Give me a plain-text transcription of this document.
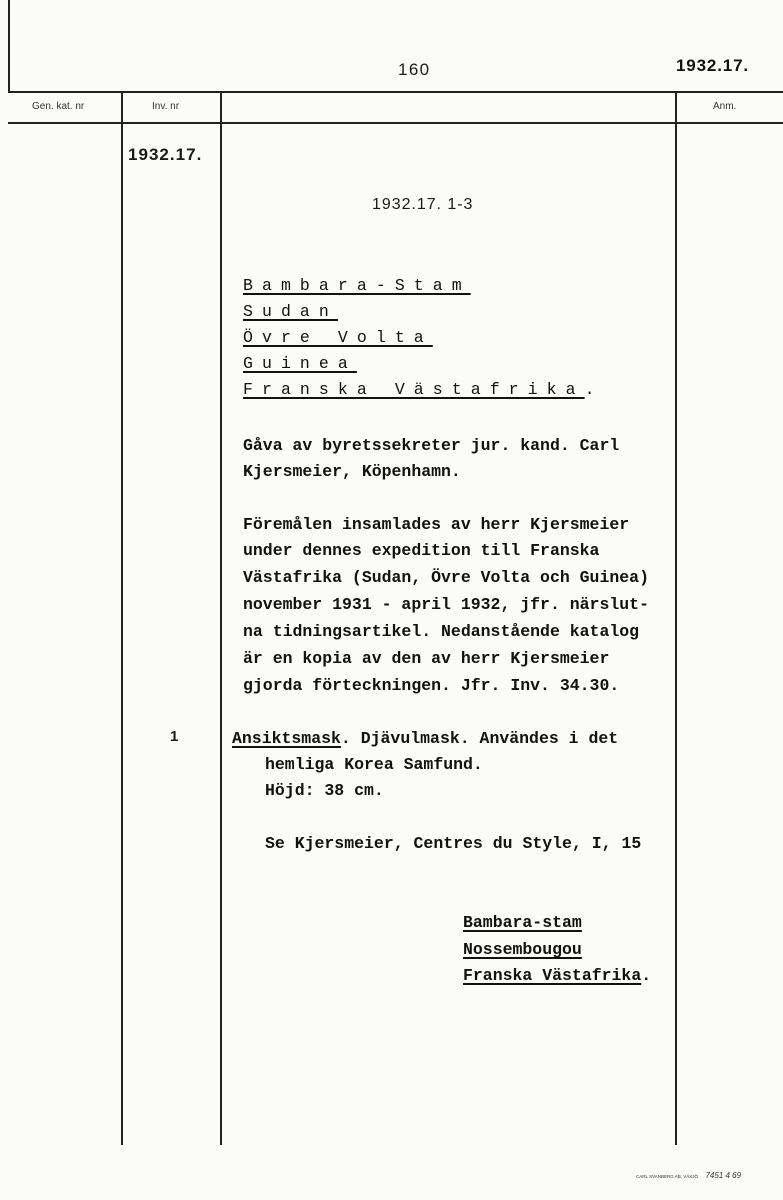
160	1932.17.
Gen. kat. nr	Inv. nr	Anm.
1932.17.
1
1932.17. 1-3
Bambara-Stam
Sudan
Övre Volta
Guinea
Franska Västafrika.
Gåva av byretssekreter jur. kand. Carl
Kjersmeier, Köpenhamn.
Föremålen insamlades av herr Kjersmeier
under dennes expedition till Franska
Västafrika (Sudan, Övre Volta och Guinea)
november 1931 - april 1932, jfr. närslut-
na tidningsartikel. Nedanstående katalog
är en kopia av den av herr Kjersmeier
gjorda förteckningen. Jfr. Inv. 34.30.
Ansiktsmask. Djävulmask. Användes i det
hemliga Korea Samfund.
Höjd: 38 cm.
Se Kjersmeier, Centres du Style, I, 15
Bambara-stam
Nossembougou
Franska Västafrika.
CARL SVANBERG AB, VÄXJÖ 7451 4 69
